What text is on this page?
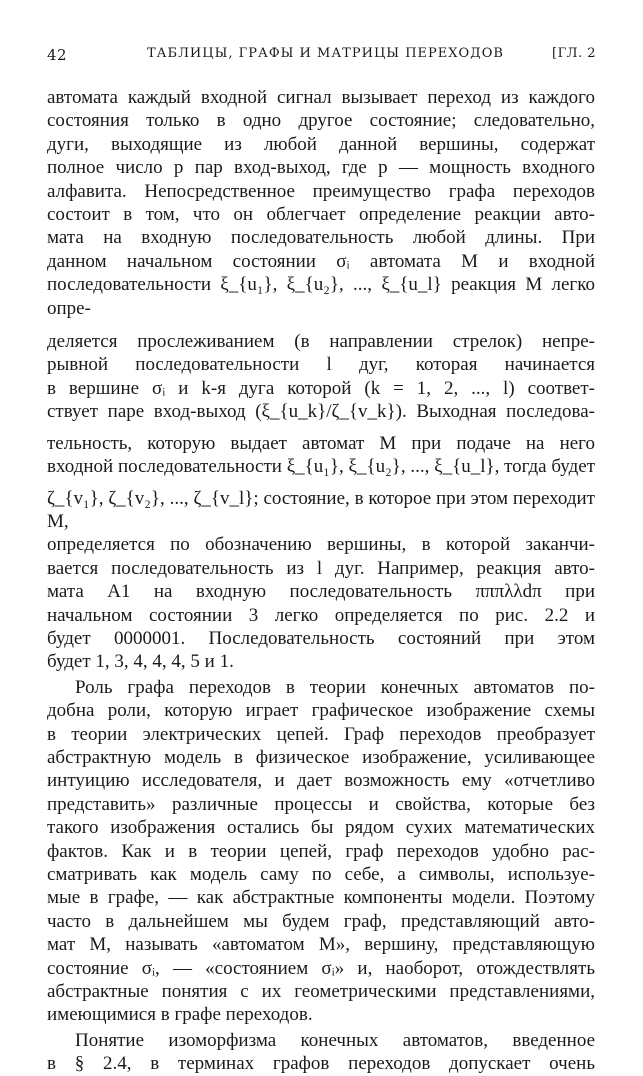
42	ТАБЛИЦЫ, ГРАФЫ И МАТРИЦЫ ПЕРЕХОДОВ	[ГЛ. 2
автомата каждый входной сигнал вызывает переход из каждого
состояния только в одно другое состояние; следовательно,
дуги, выходящие из любой данной вершины, содержат
полное число p пар вход-выход, где p — мощность входного
алфавита. Непосредственное преимущество графа переходов
состоит в том, что он облегчает определение реакции авто-
мата на входную последовательность любой длины. При
данном начальном состоянии σᵢ автомата M и входной
последовательности ξ_{u₁}, ξ_{u₂}, ..., ξ_{u_l} реакция M легко опре-
деляется прослеживанием (в направлении стрелок) непре-
рывной последовательности l дуг, которая начинается
в вершине σᵢ и k-я дуга которой (k = 1, 2, ..., l) соответ-
ствует паре вход-выход (ξ_{u_k}/ζ_{v_k}). Выходная последова-
тельность, которую выдает автомат M при подаче на него
входной последовательности ξ_{u₁}, ξ_{u₂}, ..., ξ_{u_l}, тогда будет
ζ_{v₁}, ζ_{v₂}, ..., ζ_{v_l}; состояние, в которое при этом переходит M,
определяется по обозначению вершины, в которой заканчи-
вается последовательность из l дуг. Например, реакция авто-
мата A1 на входную последовательность πππλλdπ при
начальном состоянии 3 легко определяется по рис. 2.2 и
будет 0000001. Последовательность состояний при этом
будет 1, 3, 4, 4, 4, 5 и 1.
Роль графа переходов в теории конечных автоматов по-
добна роли, которую играет графическое изображение схемы
в теории электрических цепей. Граф переходов преобразует
абстрактную модель в физическое изображение, усиливающее
интуицию исследователя, и дает возможность ему «отчетливо
представить» различные процессы и свойства, которые без
такого изображения остались бы рядом сухих математических
фактов. Как и в теории цепей, граф переходов удобно рас-
сматривать как модель саму по себе, а символы, используе-
мые в графе, — как абстрактные компоненты модели. Поэтому
часто в дальнейшем мы будем граф, представляющий авто-
мат M, называть «автоматом M», вершину, представляющую
состояние σᵢ, — «состоянием σᵢ» и, наоборот, отождествлять
абстрактные понятия с их геометрическими представлениями,
имеющимися в графе переходов.
Понятие изоморфизма конечных автоматов, введенное
в § 2.4, в терминах графов переходов допускает очень
